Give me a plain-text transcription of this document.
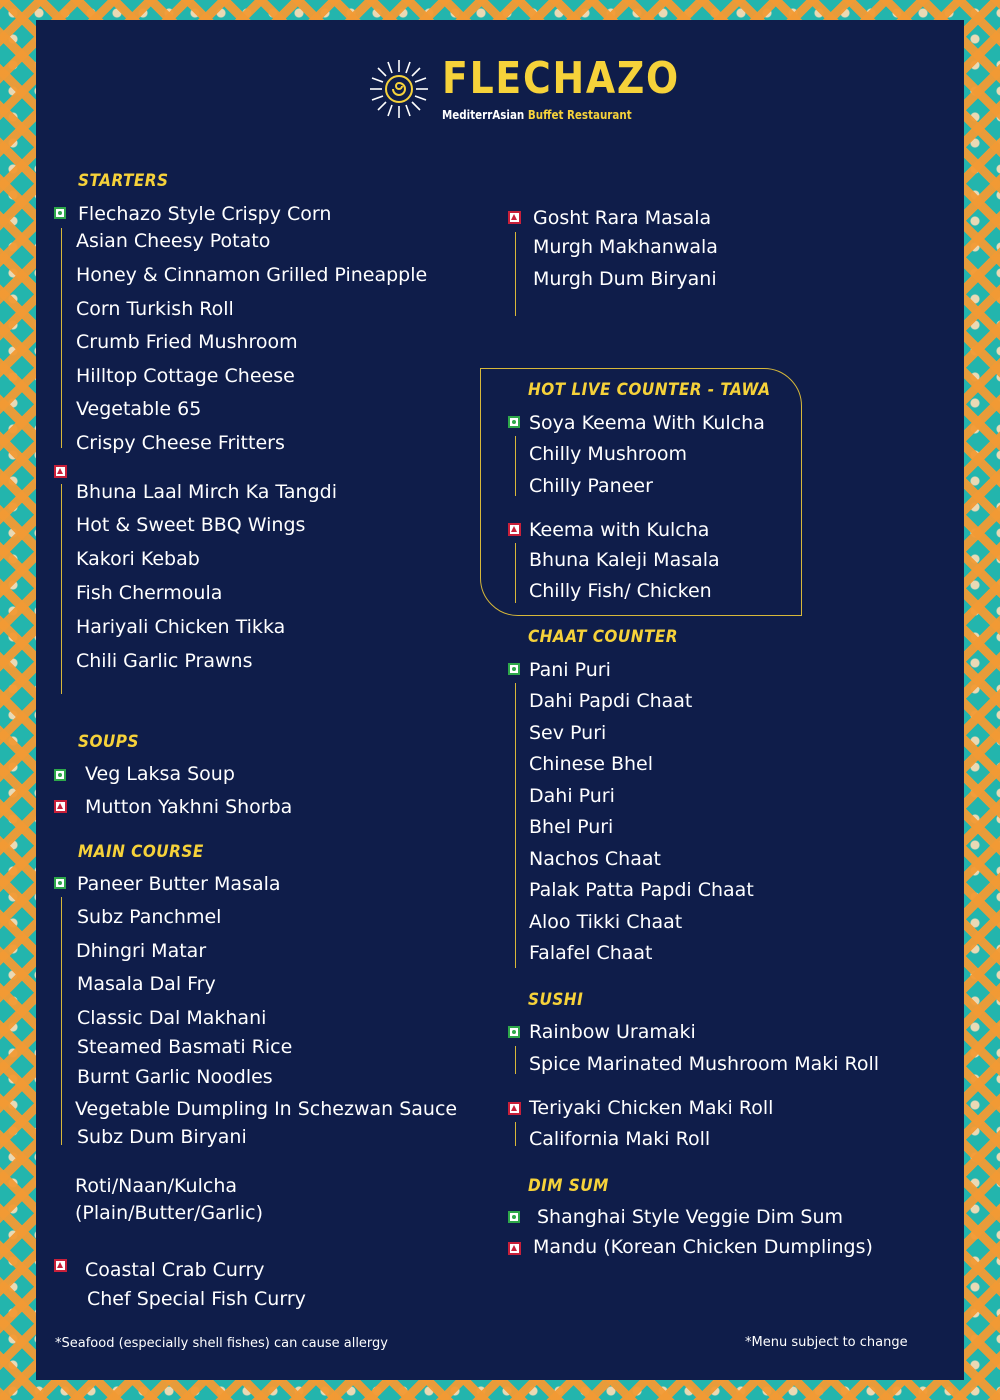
FLECHAZO
MediterrAsian Buffet Restaurant
STARTERS
Flechazo Style Crispy Corn
Asian Cheesy Potato
Honey & Cinnamon Grilled Pineapple
Corn Turkish Roll
Crumb Fried Mushroom
Hilltop Cottage Cheese
Vegetable 65
Crispy Cheese Fritters
Bhuna Laal Mirch Ka Tangdi
Hot & Sweet BBQ Wings
Kakori Kebab
Fish Chermoula
Hariyali Chicken Tikka
Chili Garlic Prawns
SOUPS
Veg Laksa Soup
Mutton Yakhni Shorba
MAIN COURSE
Paneer Butter Masala
Subz Panchmel
Dhingri Matar
Masala Dal Fry
Classic Dal Makhani
Steamed Basmati Rice
Burnt Garlic Noodles
Vegetable Dumpling In Schezwan Sauce
Subz Dum Biryani
Roti/Naan/Kulcha
(Plain/Butter/Garlic)
Coastal Crab Curry
Chef Special Fish Curry
*Seafood (especially shell fishes) can cause allergy
Gosht Rara Masala
Murgh Makhanwala
Murgh Dum Biryani
HOT LIVE COUNTER - TAWA
Soya Keema With Kulcha
Chilly Mushroom
Chilly Paneer
Keema with Kulcha
Bhuna Kaleji Masala
Chilly Fish/ Chicken
CHAAT COUNTER
Pani Puri
Dahi Papdi Chaat
Sev Puri
Chinese Bhel
Dahi Puri
Bhel Puri
Nachos Chaat
Palak Patta Papdi Chaat
Aloo Tikki Chaat
Falafel Chaat
SUSHI
Rainbow Uramaki
Spice Marinated Mushroom Maki Roll
Teriyaki Chicken Maki Roll
California Maki Roll
DIM SUM
Shanghai Style Veggie Dim Sum
Mandu (Korean Chicken Dumplings)
*Menu subject to change
